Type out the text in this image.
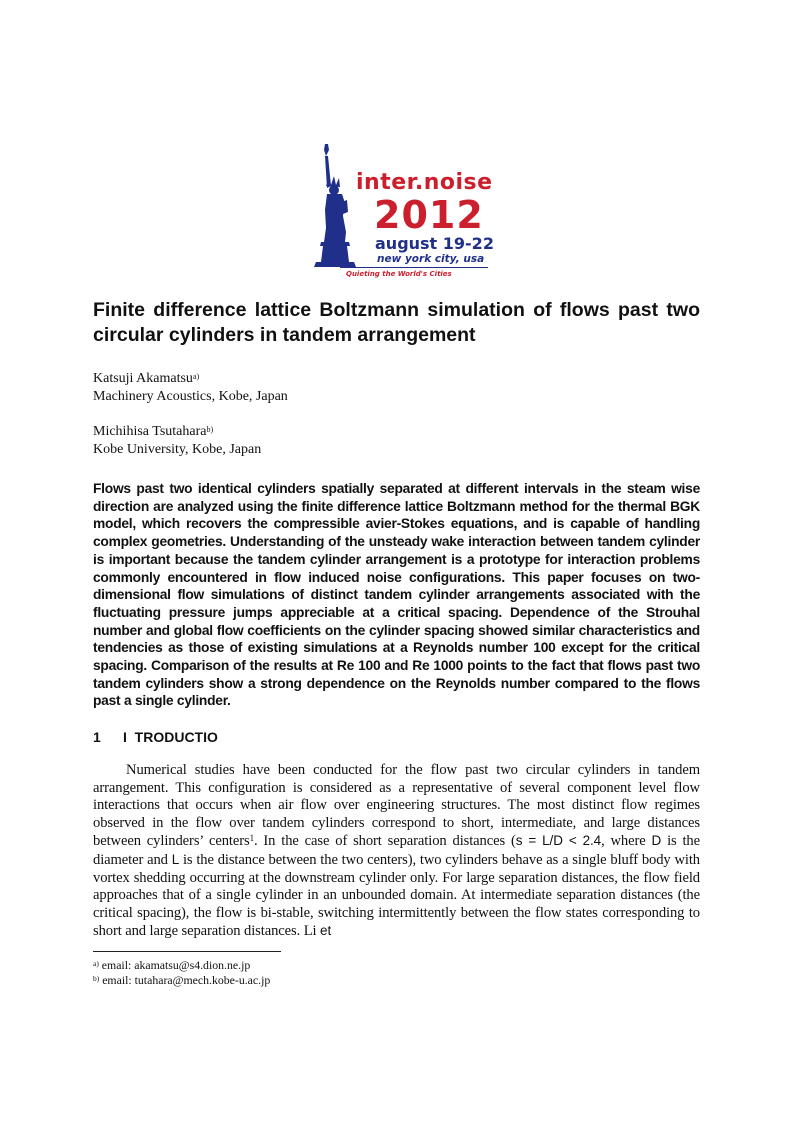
inter.noise
2012
august 19-22
new york city, usa
Quieting the World's Cities
Finite difference lattice Boltzmann simulation of flows past two circular cylinders in tandem arrangement
Katsuji Akamatsu$^{a)}$
Machinery Acoustics, Kobe, Japan
Michihisa Tsutahara$^{b)}$
Kobe University, Kobe, Japan

Flows past two identical cylinders spatially separated at different intervals in the steam wise direction are analyzed using the finite difference lattice Boltzmann method for the thermal BGK model, which recovers the compressible avier-Stokes equations, and is capable of handling complex geometries. Understanding of the unsteady wake interaction between tandem cylinder is important because the tandem cylinder arrangement is a prototype for interaction problems commonly encountered in flow induced noise configurations. This paper focuses on two-dimensional flow simulations of distinct tandem cylinder arrangements associated with the fluctuating pressure jumps appreciable at a critical spacing. Dependence of the Strouhal number and global flow coefficients on the cylinder spacing showed similar characteristics and tendencies as those of existing simulations at a Reynolds number 100 except for the critical spacing. Comparison of the results at Re 100 and Re 1000 points to the fact that flows past two tandem cylinders show a strong dependence on the Reynolds number compared to the flows past a single cylinder.

1 I  TRODUCTIO

Numerical studies have been conducted for the flow past two circular cylinders in tandem arrangement. This configuration is considered as a representative of several component level flow interactions that occurs when air flow over engineering structures. The most distinct flow regimes observed in the flow over tandem cylinders correspond to short, intermediate, and large distances between cylinders’ centers$^1$. In the case of short separation distances (s = L/D < 2.4, where D is the diameter and L is the distance between the two centers), two cylinders behave as a single bluff body with vortex shedding occurring at the downstream cylinder only. For large separation distances, the flow field approaches that of a single cylinder in an unbounded domain. At intermediate separation distances (the critical spacing), the flow is bi-stable, switching intermittently between the flow states corresponding to short and large separation distances. Li et

$^{a)}$ email: akamatsu@s4.dion.ne.jp
$^{b)}$ email: tutahara@mech.kobe-u.ac.jp
